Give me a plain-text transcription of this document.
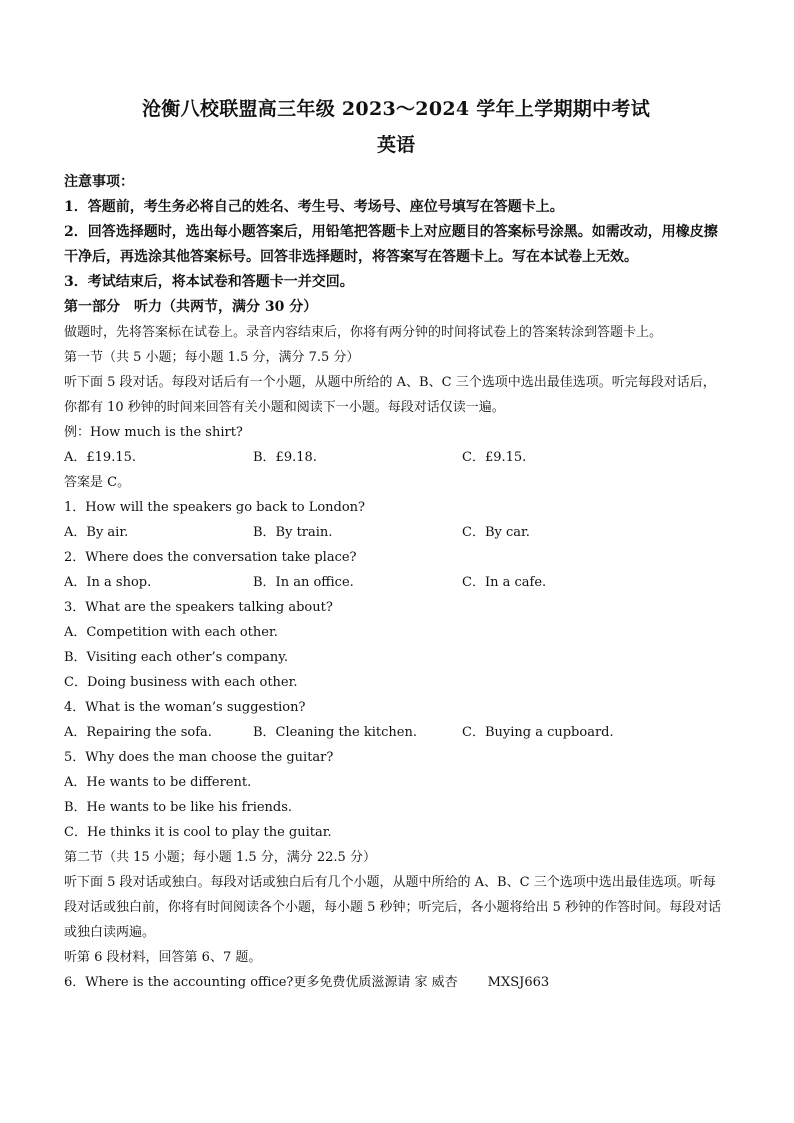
沧衡八校联盟高三年级 2023～2024 学年上学期期中考试
英语
注意事项：
1．答题前，考生务必将自己的姓名、考生号、考场号、座位号填写在答题卡上。
2．回答选择题时，选出每小题答案后，用铅笔把答题卡上对应题目的答案标号涂黑。如需改动，用橡皮擦干净后，再选涂其他答案标号。回答非选择题时，将答案写在答题卡上。写在本试卷上无效。
3．考试结束后，将本试卷和答题卡一并交回。
第一部分　听力（共两节，满分 30 分）
做题时，先将答案标在试卷上。录音内容结束后，你将有两分钟的时间将试卷上的答案转涂到答题卡上。
第一节（共 5 小题；每小题 1.5 分，满分 7.5 分）
听下面 5 段对话。每段对话后有一个小题，从题中所给的 A、B、C 三个选项中选出最佳选项。听完每段对话后，你都有 10 秒钟的时间来回答有关小题和阅读下一小题。每段对话仅读一遍。
例：How much is the shirt?
A．£19.15.	B．£9.18.	C．£9.15.
答案是 C。
1．How will the speakers go back to London?
A．By air.	B．By train.	C．By car.
2．Where does the conversation take place?
A．In a shop.	B．In an office.	C．In a cafe.
3．What are the speakers talking about?
A．Competition with each other.
B．Visiting each other’s company.
C．Doing business with each other.
4．What is the woman’s suggestion?
A．Repairing the sofa.	B．Cleaning the kitchen.	C．Buying a cupboard.
5．Why does the man choose the guitar?
A．He wants to be different.
B．He wants to be like his friends.
C．He thinks it is cool to play the guitar.
第二节（共 15 小题；每小题 1.5 分，满分 22.5 分）
听下面 5 段对话或独白。每段对话或独白后有几个小题，从题中所给的 A、B、C 三个选项中选出最佳选项。听每段对话或独白前，你将有时间阅读各个小题，每小题 5 秒钟；听完后，各小题将给出 5 秒钟的作答时间。每段对话或独白读两遍。
听第 6 段材料，回答第 6、7 题。
6．Where is the accounting office?更多免费优质滋源请 家 威杏 MXSJ663
